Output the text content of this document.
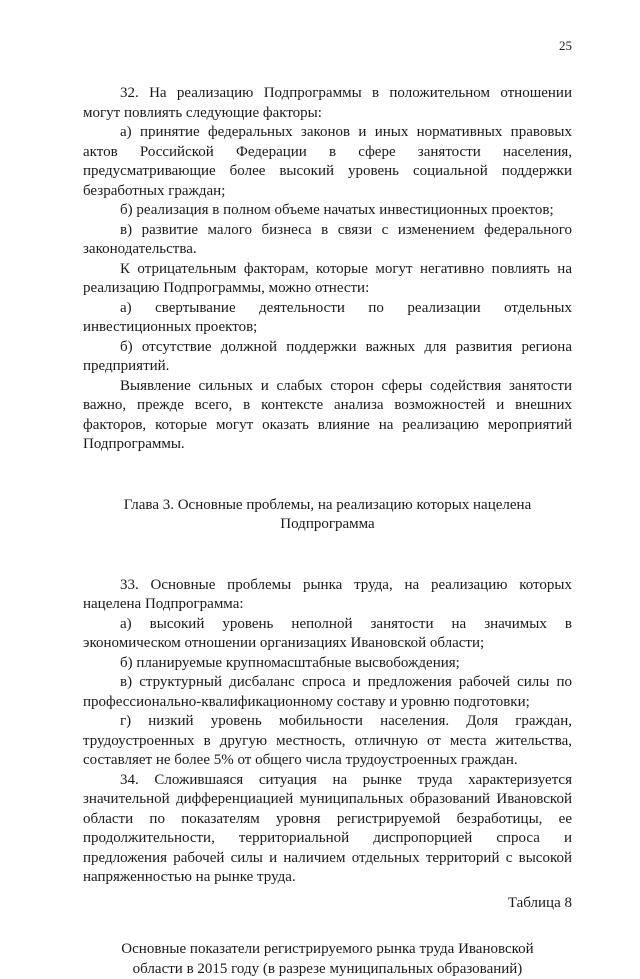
25

32. На реализацию Подпрограммы в положительном отношении могут повлиять следующие факторы:

а) принятие федеральных законов и иных нормативных правовых актов Российской Федерации в сфере занятости населения, предусматривающие более высокий уровень социальной поддержки безработных граждан;

б) реализация в полном объеме начатых инвестиционных проектов;

в) развитие малого бизнеса в связи с изменением федерального законодательства.

К отрицательным факторам, которые могут негативно повлиять на реализацию Подпрограммы, можно отнести:

а) свертывание деятельности по реализации отдельных инвестиционных проектов;

б) отсутствие должной поддержки важных для развития региона предприятий.

Выявление сильных и слабых сторон сферы содействия занятости важно, прежде всего, в контексте анализа возможностей и внешних факторов, которые могут оказать влияние на реализацию мероприятий Подпрограммы.

Глава 3. Основные проблемы, на реализацию которых нацелена

Подпрограмма

33. Основные проблемы рынка труда, на реализацию которых нацелена Подпрограмма:

а) высокий уровень неполной занятости на значимых в экономическом отношении организациях Ивановской области;

б) планируемые крупномасштабные высвобождения;

в) структурный дисбаланс спроса и предложения рабочей силы по профессионально-квалификационному составу и уровню подготовки;

г) низкий уровень мобильности населения. Доля граждан, трудоустроенных в другую местность, отличную от места жительства, составляет не более 5% от общего числа трудоустроенных граждан.

34. Сложившаяся ситуация на рынке труда характеризуется значительной дифференциацией муниципальных образований Ивановской области по показателям уровня регистрируемой безработицы, ее продолжительности, территориальной диспропорцией спроса и предложения рабочей силы и наличием отдельных территорий с высокой напряженностью на рынке труда.

Таблица 8

Основные показатели регистрируемого рынка труда Ивановской

области в 2015 году (в разрезе муниципальных образований)
